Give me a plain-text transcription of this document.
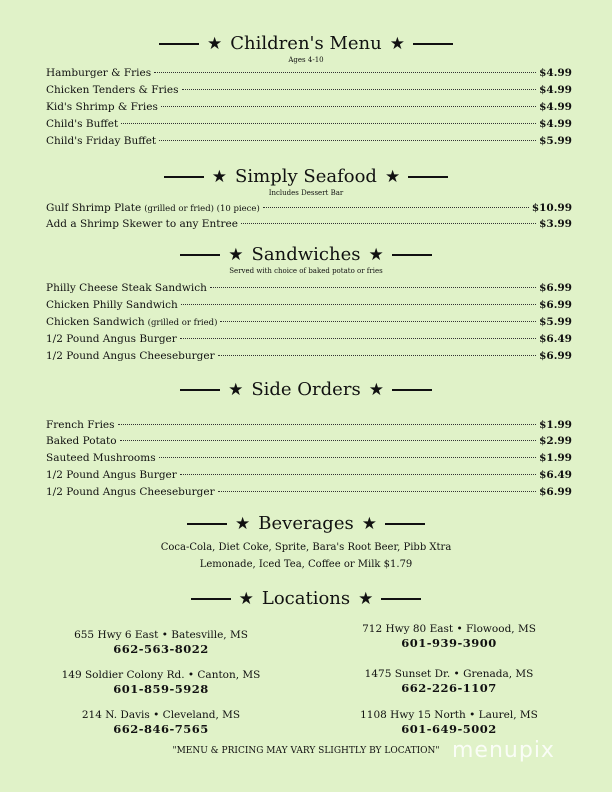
★ Children's Menu ★
Ages 4-10
Hamburger & Fries	$4.99
Chicken Tenders & Fries	$4.99
Kid's Shrimp & Fries	$4.99
Child's Buffet	$4.99
Child's Friday Buffet	$5.99
★ Simply Seafood ★
Includes Dessert Bar
Gulf Shrimp Plate (grilled or fried) (10 piece)	$10.99
Add a Shrimp Skewer to any Entree	$3.99
★ Sandwiches ★
Served with choice of baked potato or fries
Philly Cheese Steak Sandwich	$6.99
Chicken Philly Sandwich	$6.99
Chicken Sandwich (grilled or fried)	$5.99
1/2 Pound Angus Burger	$6.49
1/2 Pound Angus Cheeseburger	$6.99
★ Side Orders ★
French Fries	$1.99
Baked Potato	$2.99
Sauteed Mushrooms	$1.99
1/2 Pound Angus Burger	$6.49
1/2 Pound Angus Cheeseburger	$6.99
★ Beverages ★
Coca-Cola, Diet Coke, Sprite, Bara's Root Beer, Pibb Xtra
Lemonade, Iced Tea, Coffee or Milk $1.79
★ Locations ★
655 Hwy 6 East • Batesville, MS
662-563-8022
712 Hwy 80 East • Flowood, MS
601-939-3900
149 Soldier Colony Rd. • Canton, MS
601-859-5928
1475 Sunset Dr. • Grenada, MS
662-226-1107
214 N. Davis • Cleveland, MS
662-846-7565
1108 Hwy 15 North • Laurel, MS
601-649-5002
"MENU & PRICING MAY VARY SLIGHTLY BY LOCATION" menupix
